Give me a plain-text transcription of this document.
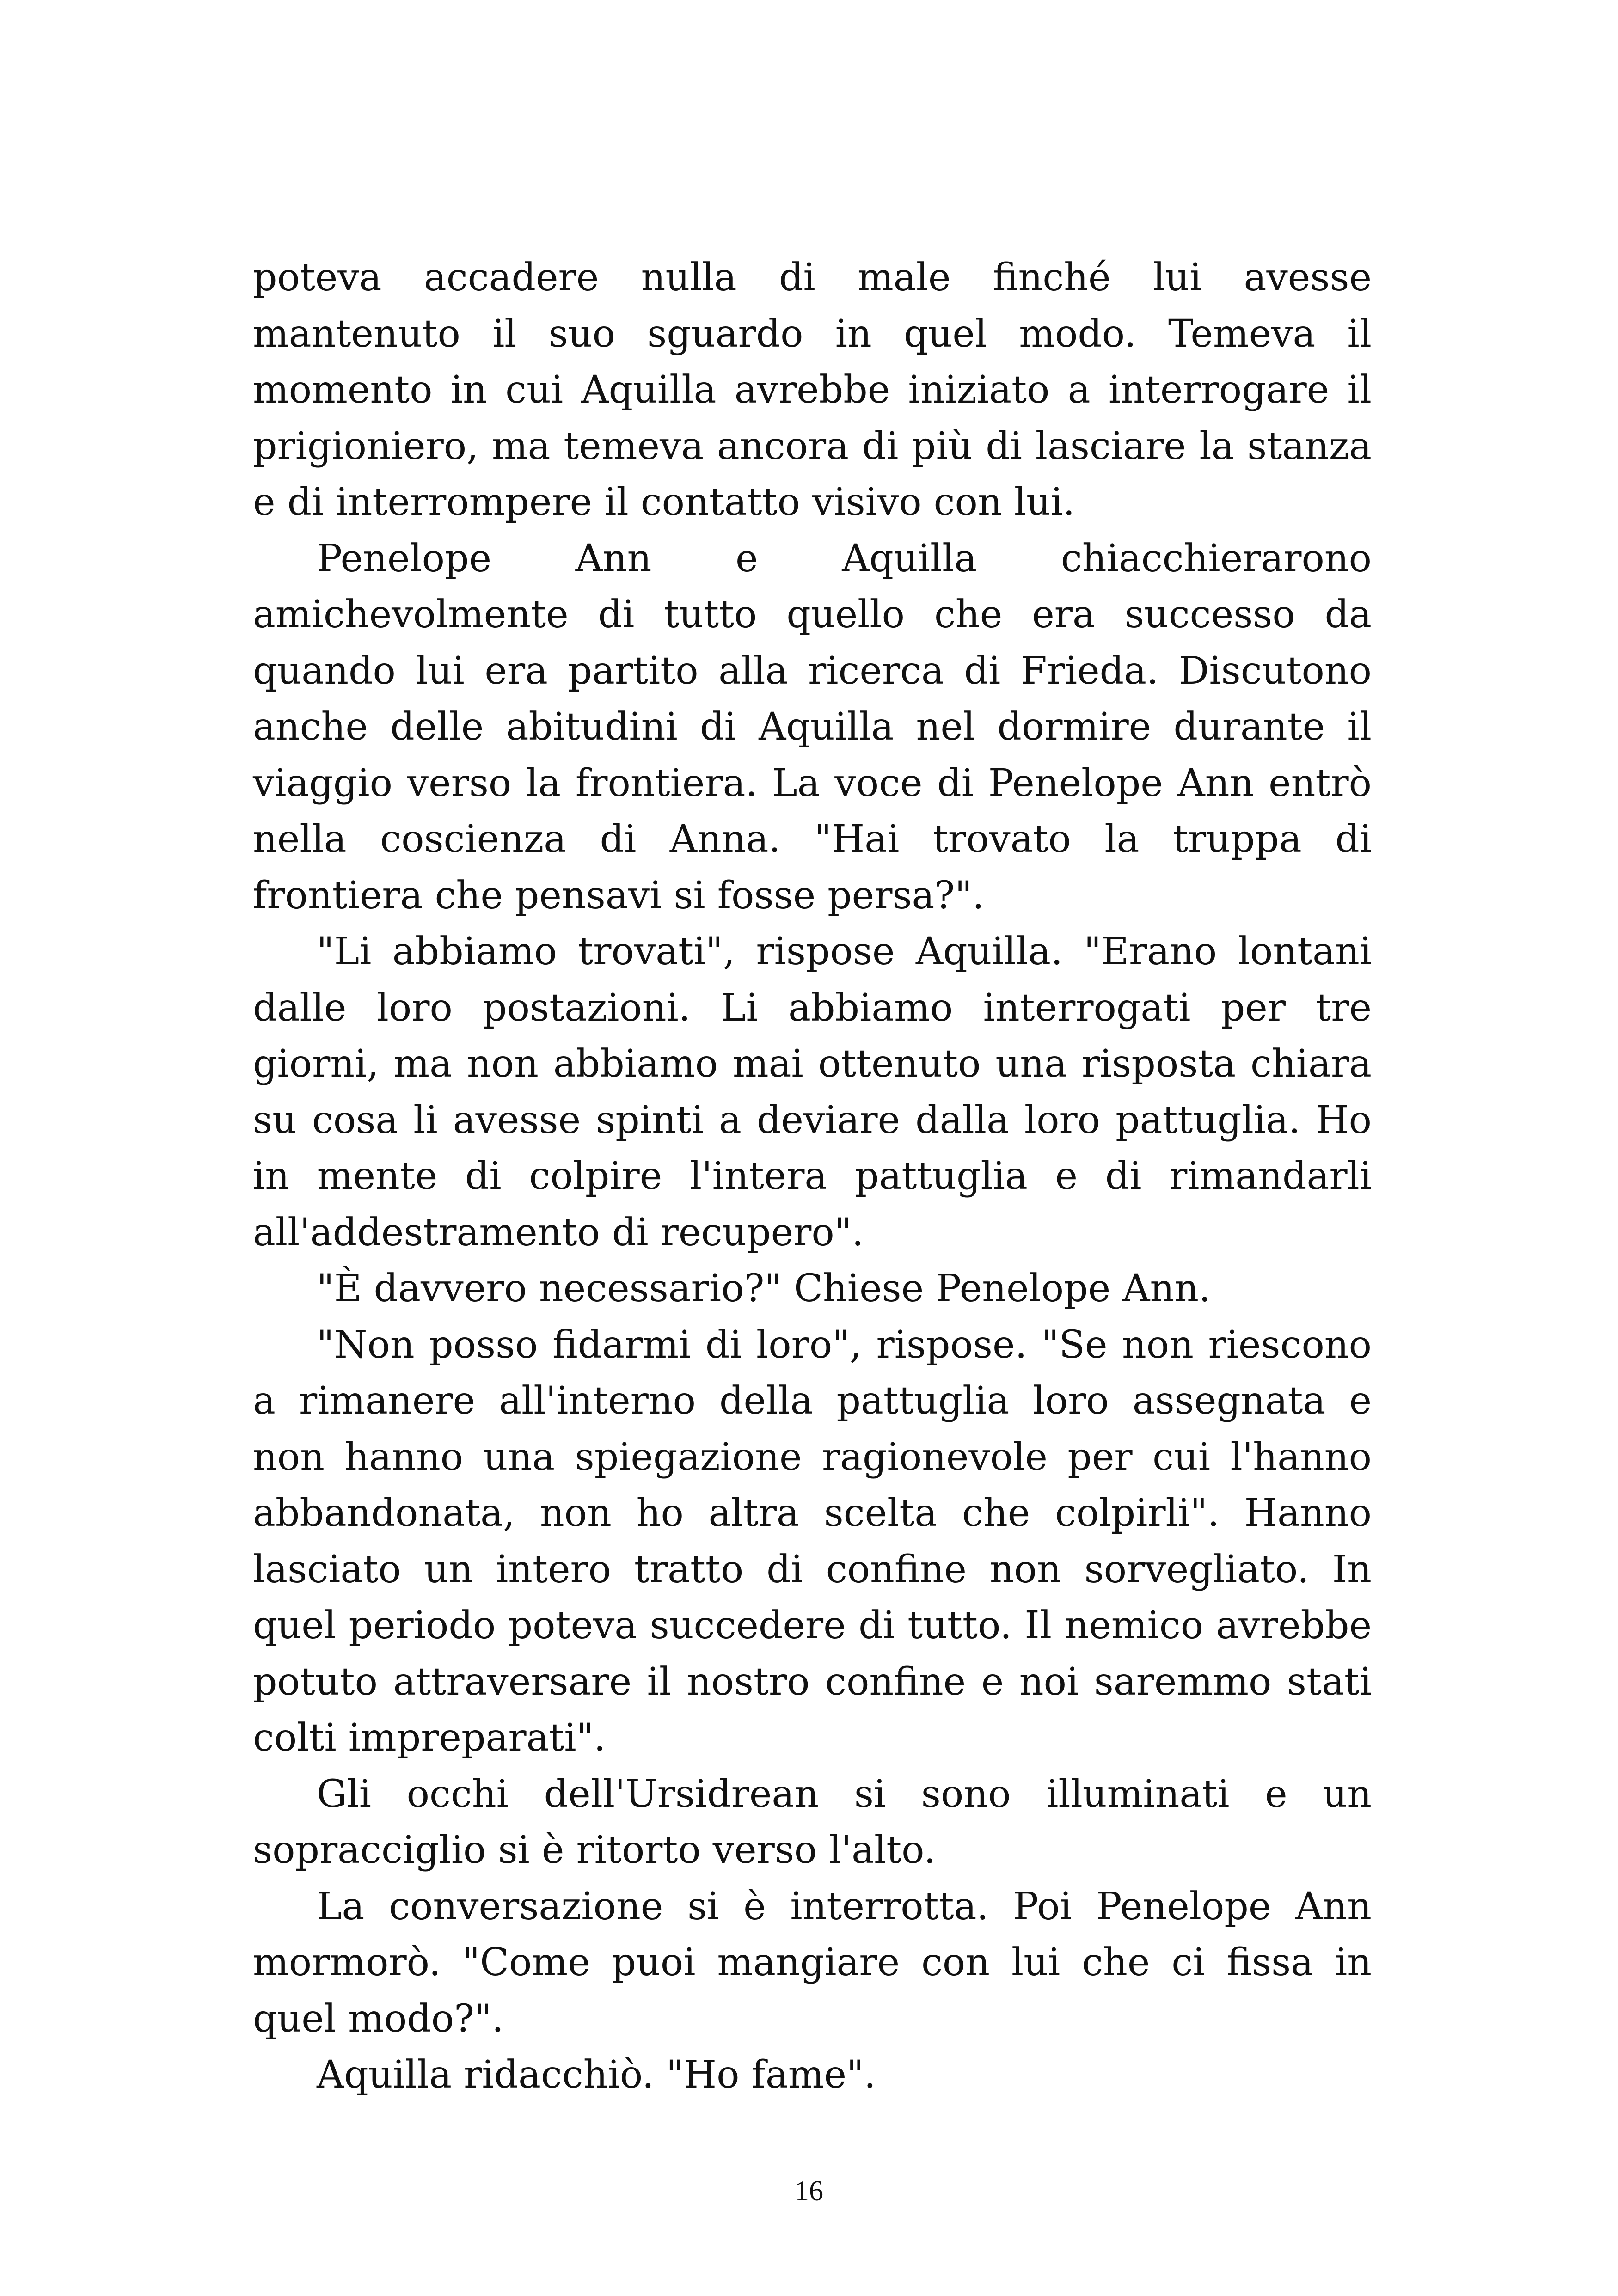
poteva accadere nulla di male finché lui avesse mantenuto il suo sguardo in quel modo. Temeva il momento in cui Aquilla avrebbe iniziato a interrogare il prigioniero, ma temeva ancora di più di lasciare la stanza e di interrompere il contatto visivo con lui.

Penelope Ann e Aquilla chiacchierarono amichevolmente di tutto quello che era successo da quando lui era partito alla ricerca di Frieda. Discutono anche delle abitudini di Aquilla nel dormire durante il viaggio verso la frontiera. La voce di Penelope Ann entrò nella coscienza di Anna. "Hai trovato la truppa di frontiera che pensavi si fosse persa?".

"Li abbiamo trovati", rispose Aquilla. "Erano lontani dalle loro postazioni. Li abbiamo interrogati per tre giorni, ma non abbiamo mai ottenuto una risposta chiara su cosa li avesse spinti a deviare dalla loro pattuglia. Ho in mente di colpire l'intera pattuglia e di rimandarli all'addestramento di recupero".

"È davvero necessario?" Chiese Penelope Ann.

"Non posso fidarmi di loro", rispose. "Se non riescono a rimanere all'interno della pattuglia loro assegnata e non hanno una spiegazione ragionevole per cui l'hanno abbandonata, non ho altra scelta che colpirli". Hanno lasciato un intero tratto di confine non sorvegliato. In quel periodo poteva succedere di tutto. Il nemico avrebbe potuto attraversare il nostro confine e noi saremmo stati colti impreparati".

Gli occhi dell'Ursidrean si sono illuminati e un sopracciglio si è ritorto verso l'alto.

La conversazione si è interrotta. Poi Penelope Ann mormorò. "Come puoi mangiare con lui che ci fissa in quel modo?".

Aquilla ridacchiò. "Ho fame".

16
